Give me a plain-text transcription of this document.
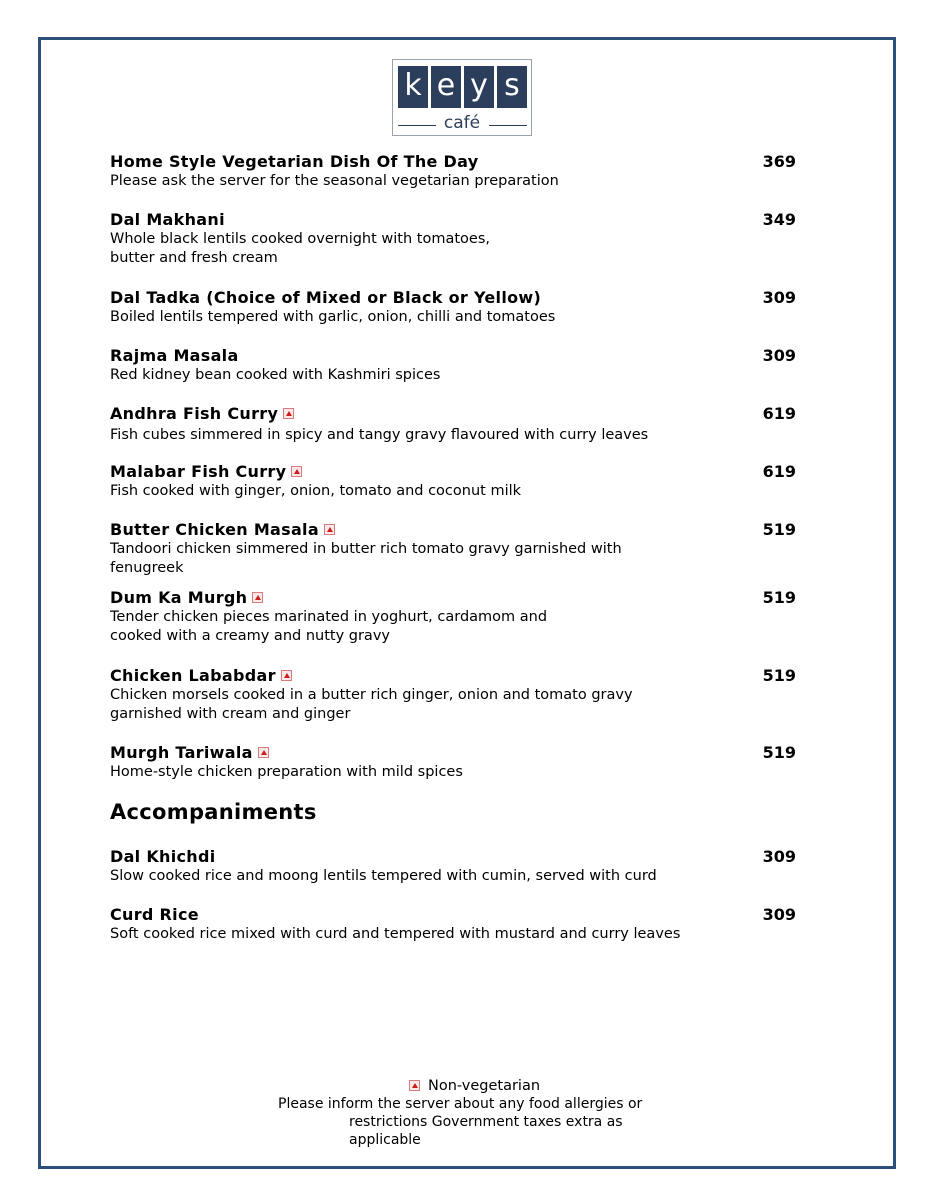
k e y s
café
Home Style Vegetarian Dish Of The Day	369
Please ask the server for the seasonal vegetarian preparation
Dal Makhani	349
Whole black lentils cooked overnight with tomatoes,
butter and fresh cream
Dal Tadka (Choice of Mixed or Black or Yellow)	309
Boiled lentils tempered with garlic, onion, chilli and tomatoes
Rajma Masala	309
Red kidney bean cooked with Kashmiri spices
Andhra Fish Curry	619
Fish cubes simmered in spicy and tangy gravy flavoured with curry leaves
Malabar Fish Curry	619
Fish cooked with ginger, onion, tomato and coconut milk
Butter Chicken Masala	519
Tandoori chicken simmered in butter rich tomato gravy garnished with
fenugreek
Dum Ka Murgh	519
Tender chicken pieces marinated in yoghurt, cardamom and
cooked with a creamy and nutty gravy
Chicken Lababdar	519
Chicken morsels cooked in a butter rich ginger, onion and tomato gravy
garnished with cream and ginger
Murgh Tariwala	519
Home-style chicken preparation with mild spices
Accompaniments
Dal Khichdi	309
Slow cooked rice and moong lentils tempered with cumin, served with curd
Curd Rice	309
Soft cooked rice mixed with curd and tempered with mustard and curry leaves
Non-vegetarian
Please inform the server about any food allergies or
restrictions Government taxes extra as
applicable
